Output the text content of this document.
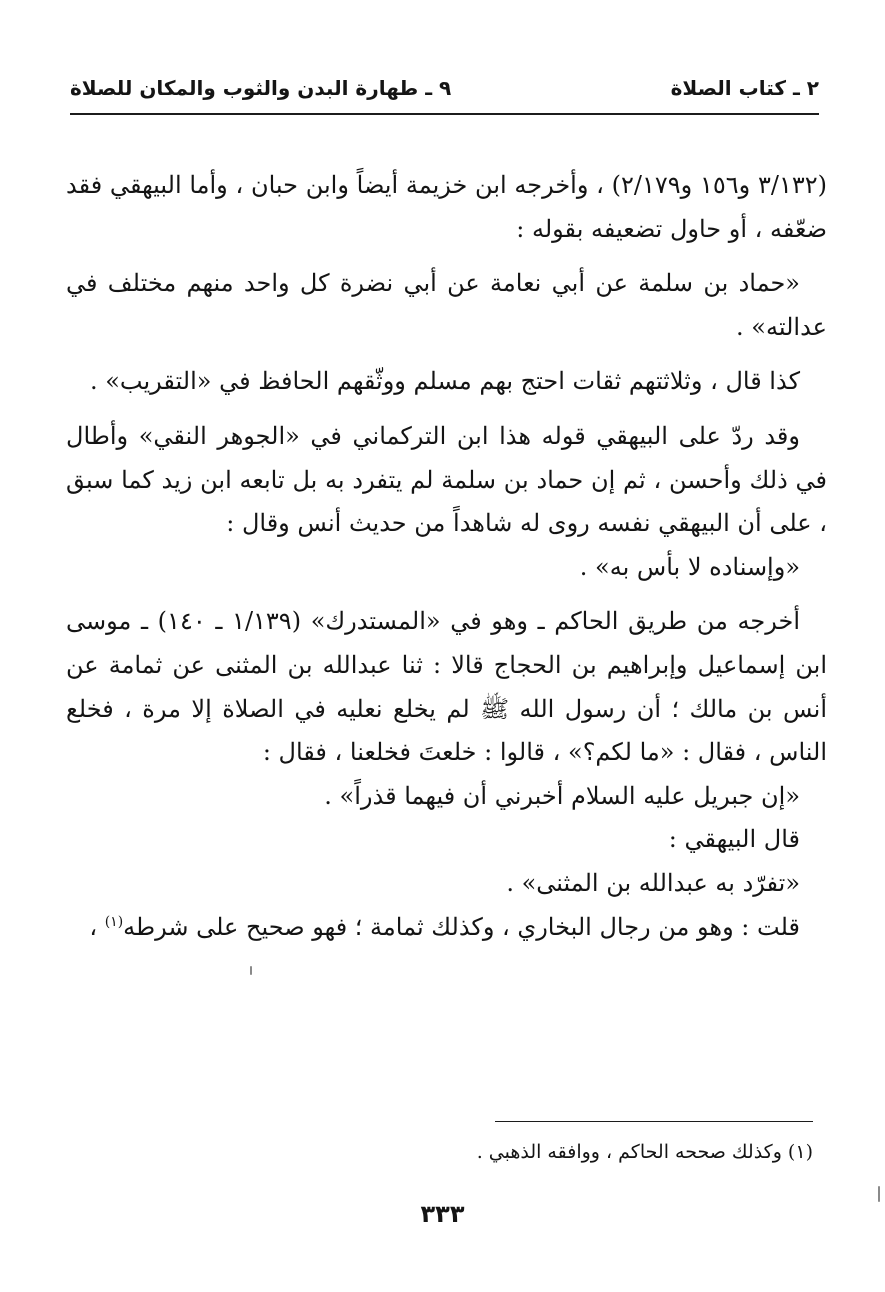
٢ ـ كتاب الصلاة
٩ ـ طهارة البدن والثوب والمكان للصلاة

(٣/١٣٢ و١٥٦ و٢/١٧٩) ، وأخرجه ابن خزيمة أيضاً وابن حبان ، وأما البيهقي فقد ضعّفه ، أو حاول تضعيفه بقوله :

«حماد بن سلمة عن أبي نعامة عن أبي نضرة كل واحد منهم مختلف في عدالته» .

كذا قال ، وثلاثتهم ثقات احتج بهم مسلم ووثّقهم الحافظ في «التقريب» .

وقد ردّ على البيهقي قوله هذا ابن التركماني في «الجوهر النقي» وأطال في ذلك وأحسن ، ثم إن حماد بن سلمة لم يتفرد به بل تابعه ابن زيد كما سبق ، على أن البيهقي نفسه روى له شاهداً من حديث أنس وقال :

«وإسناده لا بأس به» .

أخرجه من طريق الحاكم ـ وهو في «المستدرك» (١/١٣٩ ـ ١٤٠) ـ موسى ابن إسماعيل وإبراهيم بن الحجاج قالا : ثنا عبدالله بن المثنى عن ثمامة عن أنس بن مالك ؛ أن رسول الله ﷺ لم يخلع نعليه في الصلاة إلا مرة ، فخلع الناس ، فقال : «ما لكم؟» ، قالوا : خلعتَ فخلعنا ، فقال :

«إن جبريل عليه السلام أخبرني أن فيهما قذراً» .

قال البيهقي :

«تفرّد به عبدالله بن المثنى» .

قلت : وهو من رجال البخاري ، وكذلك ثمامة ؛ فهو صحيح على شرطه$^{(١)}$ ،

(١) وكذلك صححه الحاكم ، ووافقه الذهبي .
٣٣٣
